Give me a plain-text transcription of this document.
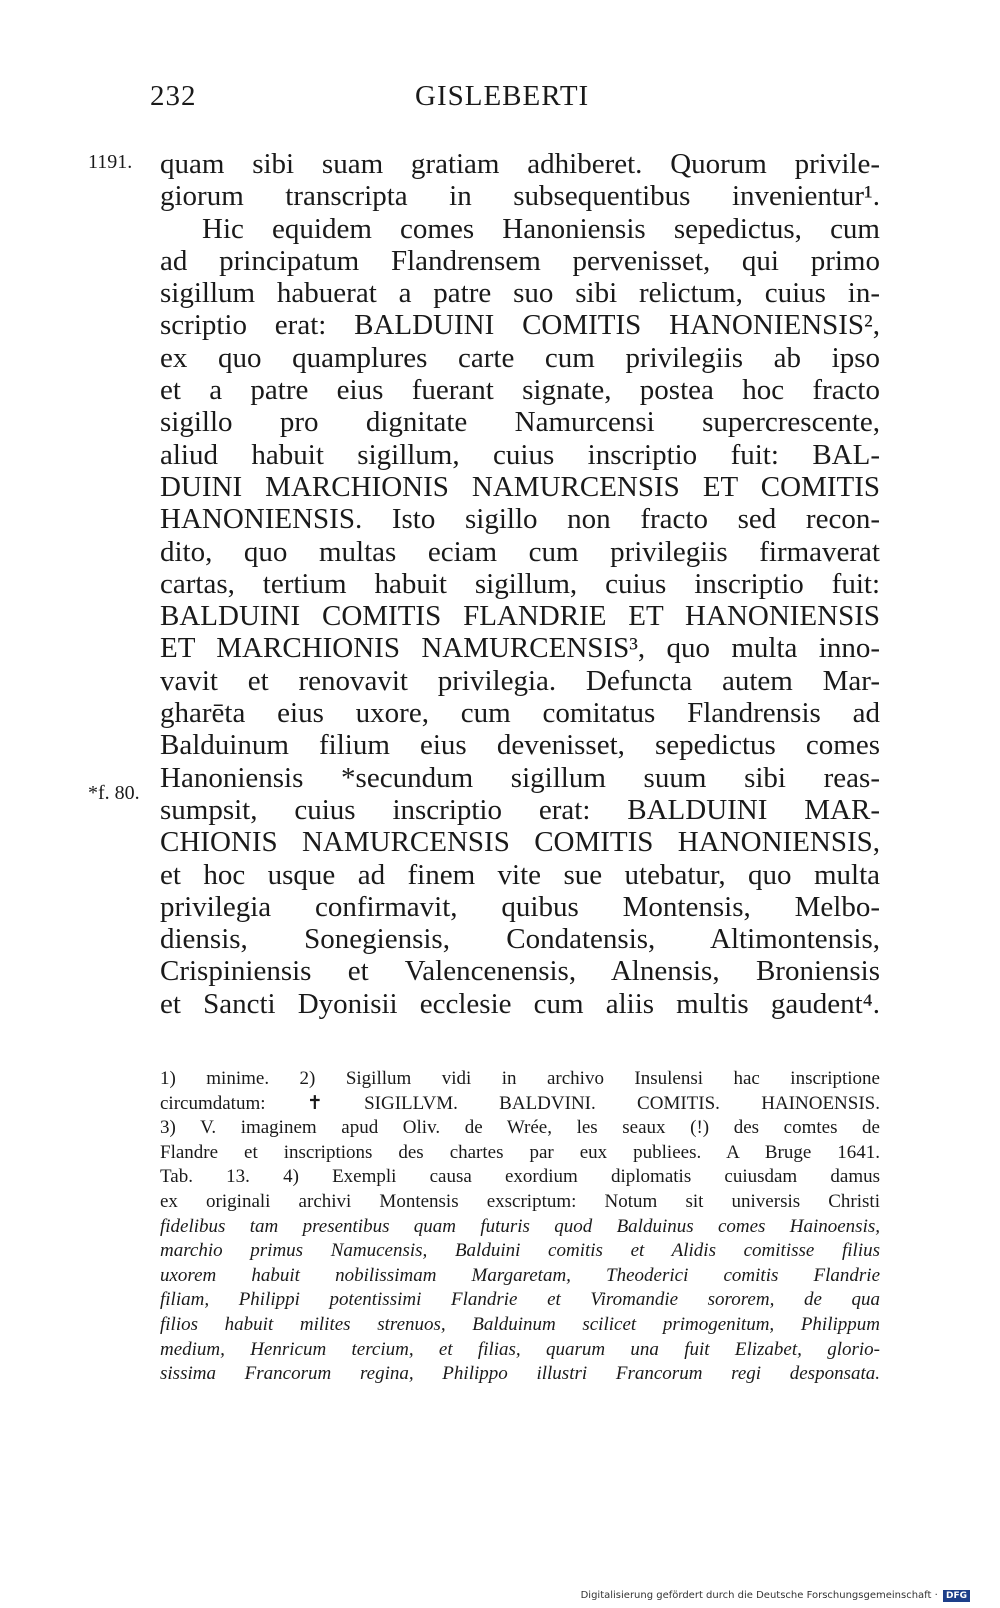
232	GISLEBERTI
1191.
*f. 80.
quam sibi suam gratiam adhiberet. Quorum privile-
giorum transcripta in subsequentibus invenientur¹.
Hic equidem comes Hanoniensis sepedictus, cum
ad principatum Flandrensem pervenisset, qui primo
sigillum habuerat a patre suo sibi relictum, cuius in-
scriptio erat: BALDUINI COMITIS HANONIENSIS²,
ex quo quamplures carte cum privilegiis ab ipso
et a patre eius fuerant signate, postea hoc fracto
sigillo pro dignitate Namurcensi supercrescente,
aliud habuit sigillum, cuius inscriptio fuit: BAL-
DUINI MARCHIONIS NAMURCENSIS ET COMITIS
HANONIENSIS. Isto sigillo non fracto sed recon-
dito, quo multas eciam cum privilegiis firmaverat
cartas, tertium habuit sigillum, cuius inscriptio fuit:
BALDUINI COMITIS FLANDRIE ET HANONIENSIS
ET MARCHIONIS NAMURCENSIS³, quo multa inno-
vavit et renovavit privilegia. Defuncta autem Mar-
gharēta eius uxore, cum comitatus Flandrensis ad
Balduinum filium eius devenisset, sepedictus comes
Hanoniensis *secundum sigillum suum sibi reas-
sumpsit, cuius inscriptio erat: BALDUINI MAR-
CHIONIS NAMURCENSIS COMITIS HANONIENSIS,
et hoc usque ad finem vite sue utebatur, quo multa
privilegia confirmavit, quibus Montensis, Melbo-
diensis, Sonegiensis, Condatensis, Altimontensis,
Crispiniensis et Valencenensis, Alnensis, Broniensis
et Sancti Dyonisii ecclesie cum aliis multis gaudent⁴.
1) minime. 2) Sigillum vidi in archivo Insulensi hac inscriptione
circumdatum: ✝ SIGILLVM. BALDVINI. COMITIS. HAINOENSIS.
3) V. imaginem apud Oliv. de Wrée, les seaux (!) des comtes de
Flandre et inscriptions des chartes par eux publiees. A Bruge 1641.
Tab. 13. 4) Exempli causa exordium diplomatis cuiusdam damus
ex originali archivi Montensis exscriptum: Notum sit universis Christi
fidelibus tam presentibus quam futuris quod Balduinus comes Hainoensis,
marchio primus Namucensis, Balduini comitis et Alidis comitisse filius
uxorem habuit nobilissimam Margaretam, Theoderici comitis Flandrie
filiam, Philippi potentissimi Flandrie et Viromandie sororem, de qua
filios habuit milites strenuos, Balduinum scilicet primogenitum, Philippum
medium, Henricum tercium, et filias, quarum una fuit Elizabet, glorio-
sissima Francorum regina, Philippo illustri Francorum regi desponsata.
Digitalisierung gefördert durch die Deutsche Forschungsgemeinschaft · DFG
